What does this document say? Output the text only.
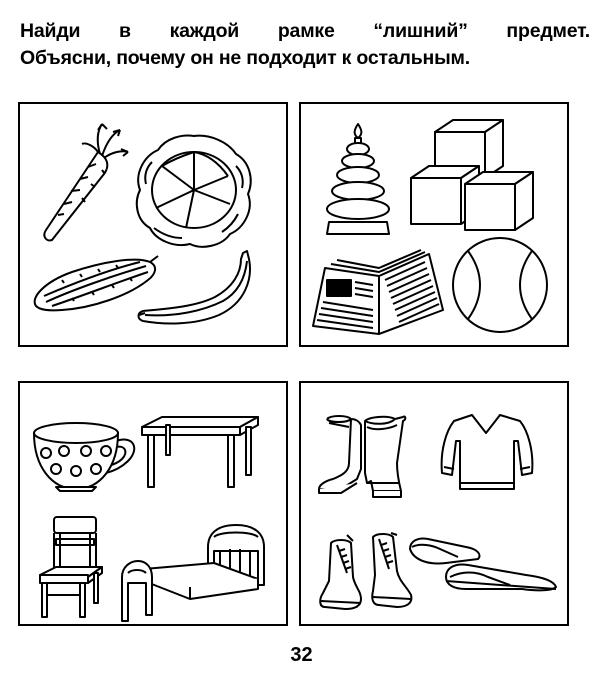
Найди в каждой рамке “лишний” предмет.
Объясни, почему он не подходит к остальным.
32
